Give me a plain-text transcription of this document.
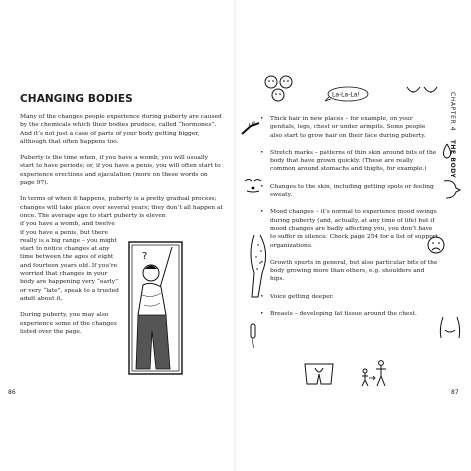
CHANGING BODIES

Many of the changes people experience during puberty are caused by the chemicals which their bodies produce, called “hormones”. And it’s not just a case of parts of your body getting bigger, although that often happens too.

Puberty is the time when, if you have a womb, you will usually start to have periods; or, if you have a penis, you will often start to experience erections and ejaculation (more on these words on page 97).

In terms of when it happens, puberty is a pretty gradual process; changes will take place over several years; they don’t all happen at once. The average age to start puberty is eleven

if you have a womb, and twelve if you have a penis, but there really is a big range – you might start to notice changes at any time between the ages of eight and fourteen years old. If you’re worried that changes in your body are happening very “early” or very “late”, speak to a trusted adult about it.

During puberty, you may also experience some of the changes listed over the page.

86
?
La-La-La!	CHAPTER 4 THE BODY

• Thick hair in new places – for example, on your genitals, legs, chest or under armpits. Some people also start to grow hair on their face during puberty.

• Stretch marks – patterns of thin skin around bits of the body that have grown quickly. (These are really common around stomachs and thighs, for example.)

• Changes to the skin, including getting spots or feeling sweaty.

• Mood changes – it’s normal to experience mood swings during puberty (and, actually, at any time of life) but if mood changes are badly affecting you, you don’t have to suffer in silence. Check page 254 for a list of support organizations.

• Growth spurts in general, but also particular bits of the body growing more than others, e.g. shoulders and hips.

• Voice getting deeper.

• Breasts – developing fat tissue around the chest.

87
